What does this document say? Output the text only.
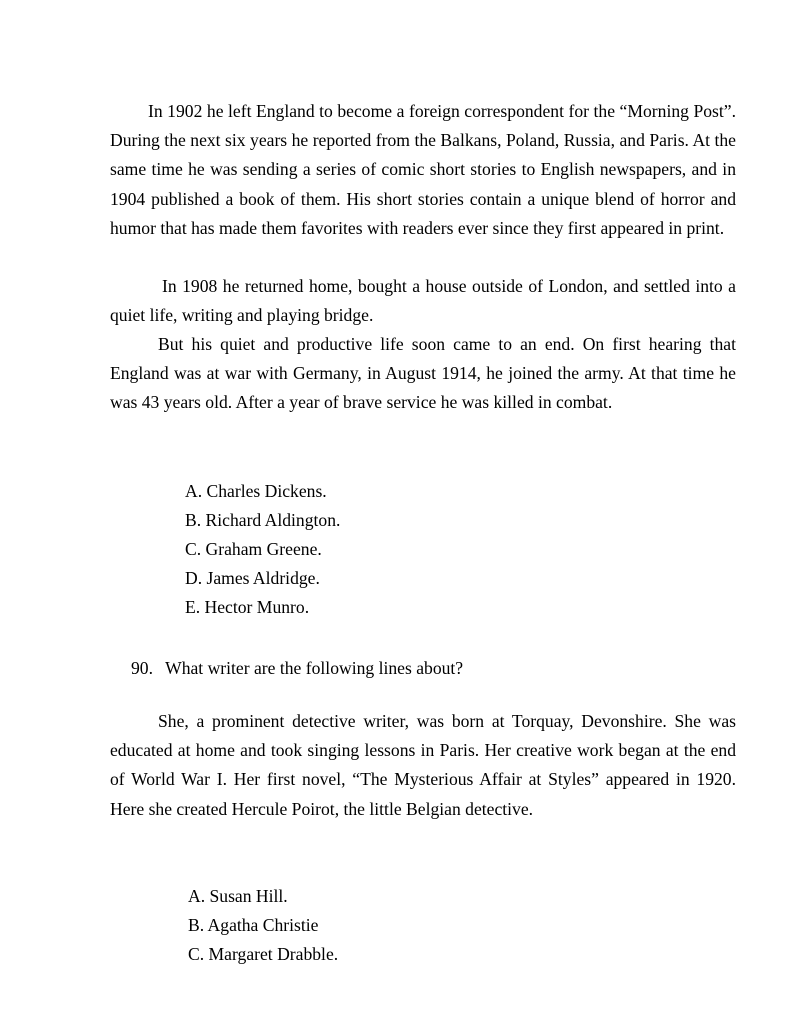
In 1902 he left England to become a foreign correspondent for the “Morning Post”. During the next six years he reported from the Balkans, Poland, Russia, and Paris. At the same time he was sending a series of comic short stories to English newspapers, and in 1904 published a book of them. His short stories contain a unique blend of horror and humor that has made them favorites with readers ever since they first appeared in print.

In 1908 he returned home, bought a house outside of London, and settled into a quiet life, writing and playing bridge.

But his quiet and productive life soon came to an end. On first hearing that England was at war with Germany, in August 1914, he joined the army. At that time he was 43 years old. After a year of brave service he was killed in combat.

A. Charles Dickens.
B. Richard Aldington.
C. Graham Greene.
D. James Aldridge.
E. Hector Munro.

90. What writer are the following lines about?

She, a prominent detective writer, was born at Torquay, Devonshire. She was educated at home and took singing lessons in Paris. Her creative work began at the end of World War I. Her first novel, “The Mysterious Affair at Styles” appeared in 1920. Here she created Hercule Poirot, the little Belgian detective.

A. Susan Hill.
B. Agatha Christie
C. Margaret Drabble.
